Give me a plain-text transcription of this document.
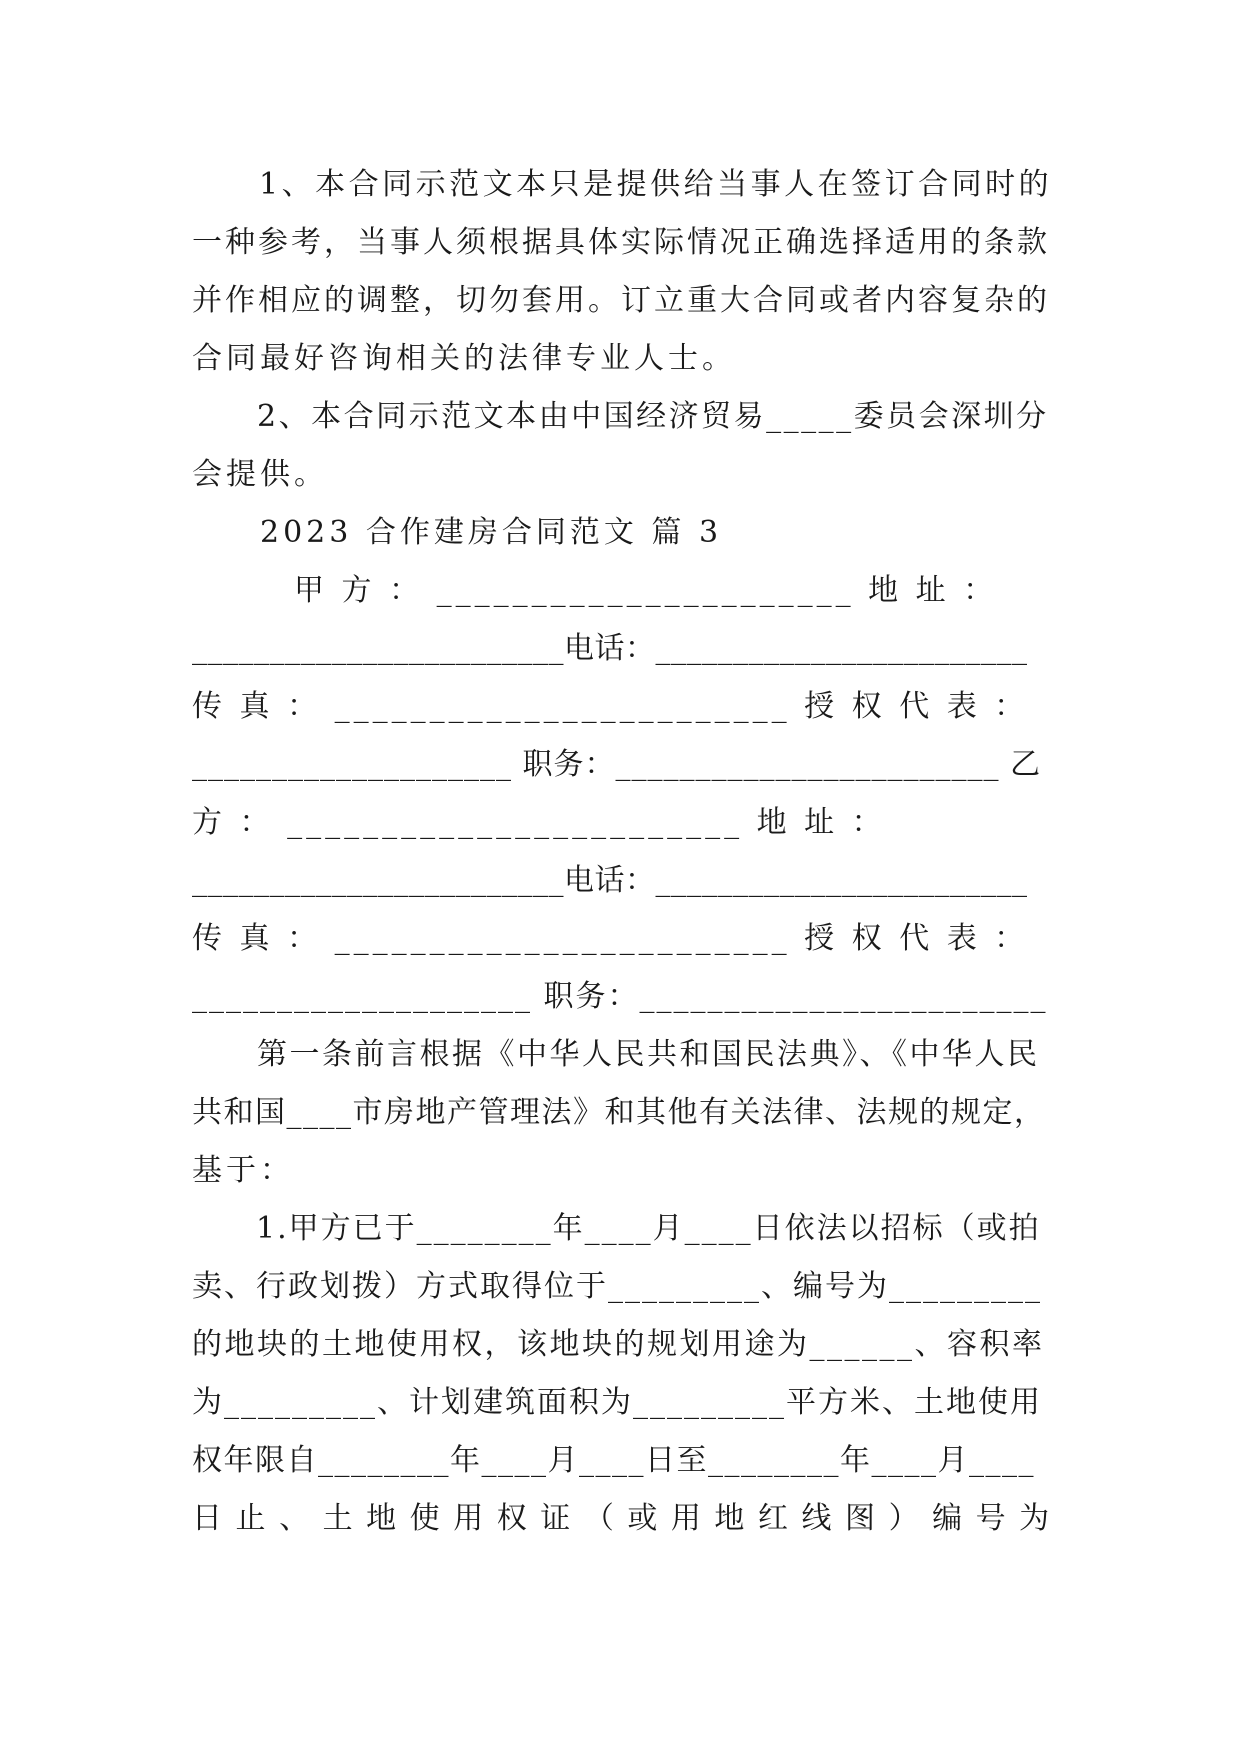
　　1、本合同示范文本只是提供给当事人在签订合同时的
一种参考，当事人须根据具体实际情况正确选择适用的条款
并作相应的调整，切勿套用。订立重大合同或者内容复杂的
合同最好咨询相关的法律专业人士。
　　2、本合同示范文本由中国经济贸易_____委员会深圳分
会提供。
　　2023 合作建房合同范文 篇 3
　　　甲 方 ： ______________________ 地 址 ：
________________________电话：________________________
传 真 ： ________________________ 授 权 代 表 ：
____________________ 职务：________________________ 乙
方 ： ________________________ 地 址 ：
________________________电话：________________________
传 真 ： ________________________ 授 权 代 表 ：
____________________ 职务：________________________
　　第一条前言根据《中华人民共和国民法典》、《中华人民
共和国____市房地产管理法》和其他有关法律、法规的规定，
基于：
　　1.甲方已于________年____月____日依法以招标（或拍
卖、行政划拨）方式取得位于_________、编号为_________
的地块的土地使用权，该地块的规划用途为______、容积率
为_________、计划建筑面积为_________平方米、土地使用
权年限自________年____月____日至________年____月____
日 止 、 土 地 使 用 权 证 （ 或 用 地 红 线 图 ） 编 号 为
